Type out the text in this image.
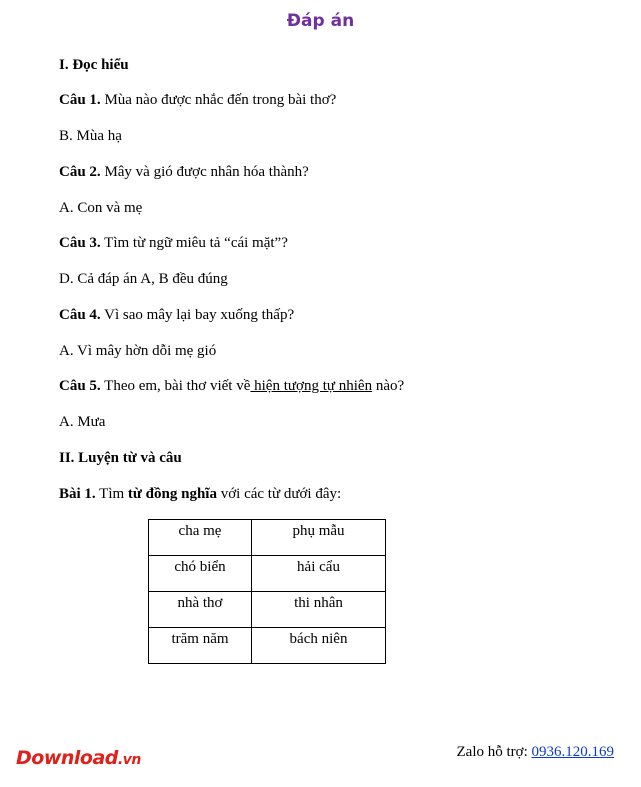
Đáp án
I. Đọc hiểu
Câu 1. Mùa nào được nhắc đến trong bài thơ?
B. Mùa hạ
Câu 2. Mây và gió được nhân hóa thành?
A. Con và mẹ
Câu 3. Tìm từ ngữ miêu tả “cái mặt”?
D. Cả đáp án A, B đều đúng
Câu 4. Vì sao mây lại bay xuống thấp?
A. Vì mây hờn dỗi mẹ gió
Câu 5. Theo em, bài thơ viết về hiện tượng tự nhiên nào?
A. Mưa
II. Luyện từ và câu
Bài 1. Tìm từ đồng nghĩa với các từ dưới đây:
cha mẹ	phụ mẫu
chó biển	hải cẩu
nhà thơ	thi nhân
trăm năm	bách niên
Download.vn	Zalo hỗ trợ: 0936.120.169
